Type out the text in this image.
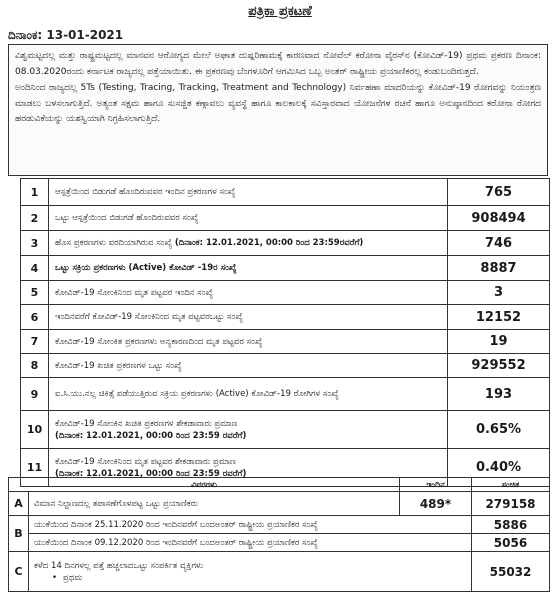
ಪತ್ರಿಕಾ ಪ್ರಕಟಣೆ
ದಿನಾಂಕ: 13-01-2021

ವಿಶ್ವಮಟ್ಟದಲ್ಲ ಮತ್ತು ರಾಷ್ಟ್ರಮಟ್ಟದಲ್ಲ ಮಾನವನ ಆರೋಗ್ಯದ ಮೇಲೆ ಅಘಾತ ದುಷ್ಪರಿಣಾಮಕ್ಕೆ ಕಾರಣವಾದ ನೋವೆಲ್ ಕರೋನಾ ವೈರಸ್‌ನ (ಕೋವಿಡ್-19) ಪ್ರಥಮ ಪ್ರಕರಣ ದಿನಾಂಕ: 08.03.2020ರಂದು ಕರ್ನಾಟಕ ರಾಜ್ಯದಲ್ಲ ಪತ್ತೆಯಾಯಿತು. ಈ ಪ್ರಕರಣವು ಬೆಂಗಳೂರಿಗೆ ಆಗಮಿಸಿದ ಒಬ್ಬ ಅಂತರ್ ರಾಷ್ಟ್ರೀಯ ಪ್ರಯಾಣಿಕರಲ್ಲ ಕಂಡುಬಂದಿರುತ್ತದೆ.

ಅಂದಿನಿಂದ ರಾಜ್ಯದಲ್ಲ 5Ts (Testing, Tracing, Tracking, Treatment and Technology) ನಿರ್ವಹಣಾ ಮಾದರಿಯನ್ನು ಕೋವಿಡ್-19 ರೋಗವನ್ನು ನಿಯಂತ್ರಣ ಮಾಡಲು ಬಳಸಲಾಗುತ್ತಿದೆ. ಅತ್ಯಂತ ಸಕ್ಷಮ ಹಾಗೂ ಸುಸಜ್ಜಿತ ಕಣ್ಗಾವಲು ವ್ಯವಸ್ಥೆ ಹಾಗೂ ಕಾಲಕಾಲಕ್ಕೆ ಸವಿಸ್ತಾರವಾದ ಯೋಜನೆಗಳ ರಚನೆ ಹಾಗೂ ಅನುಷ್ಠಾನದಿಂದ ಕರೋನಾ ರೋಗದ ಹರಡುವಿಕೆಯನ್ನು ಯಶಸ್ವಿಯಾಗಿ ನಿಗ್ರಹಿಸಲಾಗುತ್ತಿದೆ.

1	ಆಸ್ಪತ್ರೆಯಿಂದ ಬಿಡುಗಡೆ ಹೊಂದಿರುವವರ ಇಂದಿನ ಪ್ರಕರಣಗಳ ಸಂಖ್ಯೆ	765
2	ಒಟ್ಟು ಆಸ್ಪತ್ರೆಯಿಂದ ಬಿಡುಗಡೆ ಹೊಂದಿರುವವರ ಸಂಖ್ಯೆ	908494
3	ಹೊಸ ಪ್ರಕರಣಗಳು ವರದಿಯಾಗಿರುವ ಸಂಖ್ಯೆ (ದಿನಾಂಕ: 12.01.2021, 00:00 ರಿಂದ 23:59ರವರೆಗೆ)	746
4	ಒಟ್ಟು ಸಕ್ರಿಯ ಪ್ರಕರಣಗಳು (Active) ಕೋವಿಡ್ -19ರ ಸಂಖ್ಯೆ	8887
5	ಕೋವಿಡ್-19 ಸೋಂಕಿನಿಂದ ಮೃತ ಪಟ್ಟವರ ಇಂದಿನ ಸಂಖ್ಯೆ	3
6	ಇಂದಿನವರೆಗೆ ಕೋವಿಡ್-19 ಸೋಂಕಿನಿಂದ ಮೃತ ಪಟ್ಟವರಒಟ್ಟು ಸಂಖ್ಯೆ	12152
7	ಕೋವಿಡ್-19 ಸೋಂಕಿತ ಪ್ರಕರಣಗಳು ಅನ್ಯಕಾರಣದಿಂದ ಮೃತ ಪಟ್ಟವರ ಸಂಖ್ಯೆ	19
8	ಕೋವಿಡ್-19 ಖಚಿತ ಪ್ರಕರಣಗಳ ಒಟ್ಟು ಸಂಖ್ಯೆ	929552
9	ಐ.ಸಿ.ಯು.ನಲ್ಲ ಚಿಕಿತ್ಸೆ ಪಡೆಯುತ್ತಿರುವ ಸಕ್ರಿಯ ಪ್ರಕರಣಗಳು (Active) ಕೋವಿಡ್-19 ರೋಗಿಗಳ ಸಂಖ್ಯೆ	193
10	ಕೋವಿಡ್-19 ಸೋಂಕಿನ ಖಚಿತ ಪ್ರಕರಣಗಳ ಶೇಕಡಾವಾರು ಪ್ರಮಾಣ
(ದಿನಾಂಕ: 12.01.2021, 00:00 ರಿಂದ 23:59 ರವರೆಗೆ)	0.65%
11	ಕೋವಿಡ್-19 ಸೋಂಕಿನಿಂದ ಮೃತ ಪಟ್ಟವರ ಶೇಕಡಾವಾರು ಪ್ರಮಾಣ
(ದಿನಾಂಕ: 12.01.2021, 00:00 ರಿಂದ 23:59 ರವರೆಗೆ)	0.40%
ವಿವರಗಳು		ಇಂದಿನ	ಸಂಚಿತ
A	ವಿಮಾನ ನಿಲ್ದಾಣದಲ್ಲ ತಪಾಸಣೆಗೊಳಪಟ್ಟ ಒಟ್ಟು ಪ್ರಯಾಣಿಕರು	489*	279158
B	ಯುಕೆಯಿಂದ ದಿನಾಂಕ 25.11.2020 ರಿಂದ ಇಂದಿನವರೆಗೆ ಬಂದಅಂತರ್ ರಾಷ್ಟ್ರೀಯ ಪ್ರಯಾಣಿಕರ ಸಂಖ್ಯೆ		5886
	ಯುಕೆಯಿಂದ ದಿನಾಂಕ 09.12.2020 ರಿಂದ ಇಂದಿನವರೆಗೆ ಬಂದಅಂತರ್ ರಾಷ್ಟ್ರೀಯ ಪ್ರಯಾಣಿಕರ ಸಂಖ್ಯೆ		5056
C	ಕಳೆದ 14 ದಿನಗಳಲ್ಲ ಪತ್ತೆ ಹಚ್ಚಲಾದಒಟ್ಟು ಸಂಪರ್ಕಿತ ವ್ಯಕ್ತಿಗಳು
• ಪ್ರಥಮ		55032
